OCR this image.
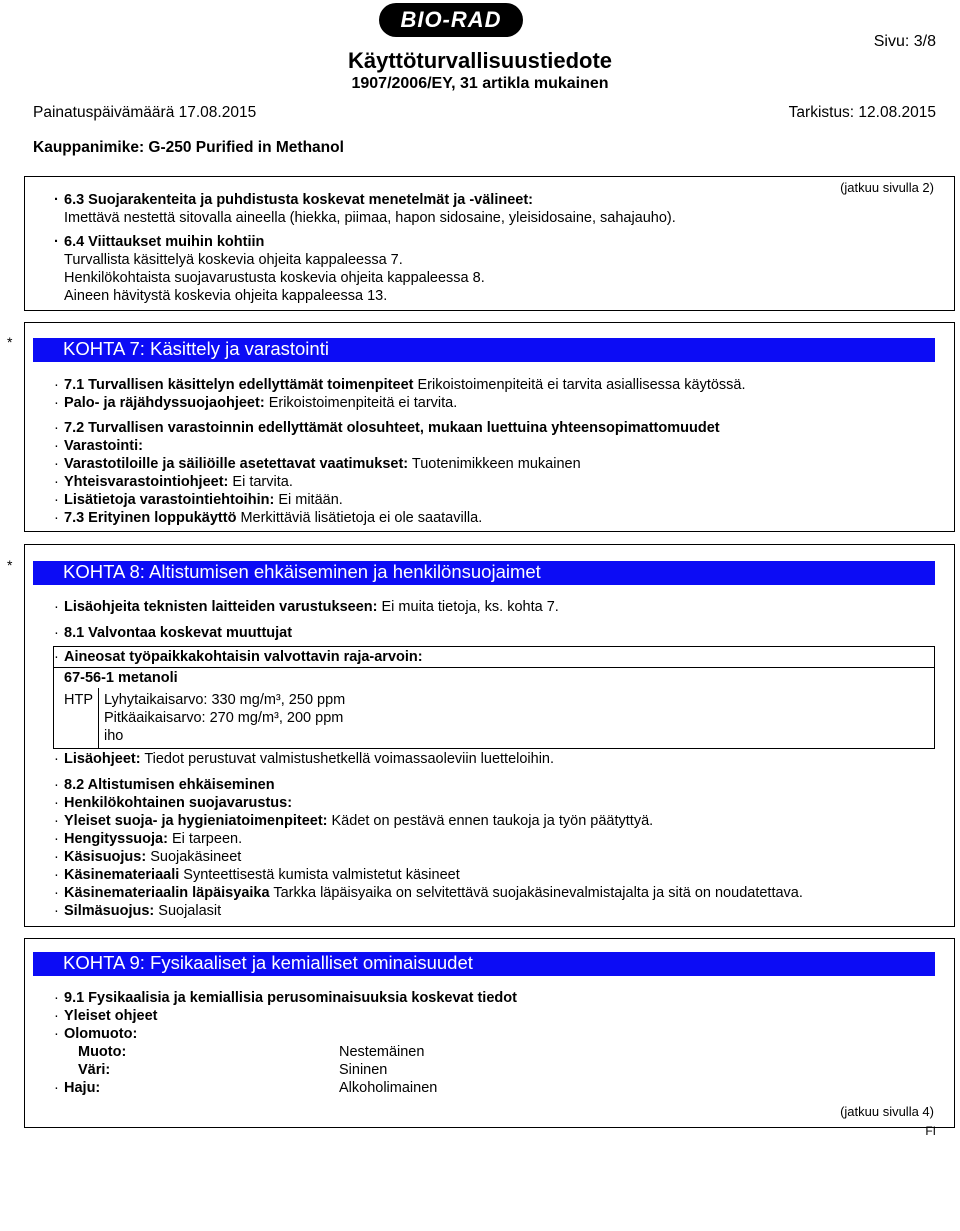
BIO-RAD
Sivu: 3/8
Käyttöturvallisuustiedote
1907/2006/EY, 31 artikla mukainen
Painatuspäivämäärä 17.08.2015	Tarkistus: 12.08.2015
Kauppanimike: G-250 Purified in Methanol
(jatkuu sivulla 2)
· 6.3 Suojarakenteita ja puhdistusta koskevat menetelmät ja -välineet:
Imettävä nestettä sitovalla aineella (hiekka, piimaa, hapon sidosaine, yleisidosaine, sahajauho).
· 6.4 Viittaukset muihin kohtiin
Turvallista käsittelyä koskevia ohjeita kappaleessa 7.
Henkilökohtaista suojavarustusta koskevia ohjeita kappaleessa 8.
Aineen hävitystä koskevia ohjeita kappaleessa 13.
*	KOHTA 7: Käsittely ja varastointi
· 7.1 Turvallisen käsittelyn edellyttämät toimenpiteet Erikoistoimenpiteitä ei tarvita asiallisessa käytössä.
· Palo- ja räjähdyssuojaohjeet: Erikoistoimenpiteitä ei tarvita.
· 7.2 Turvallisen varastoinnin edellyttämät olosuhteet, mukaan luettuina yhteensopimattomuudet
· Varastointi:
· Varastotiloille ja säiliöille asetettavat vaatimukset: Tuotenimikkeen mukainen
· Yhteisvarastointiohjeet: Ei tarvita.
· Lisätietoja varastointiehtoihin: Ei mitään.
· 7.3 Erityinen loppukäyttö Merkittäviä lisätietoja ei ole saatavilla.
*	KOHTA 8: Altistumisen ehkäiseminen ja henkilönsuojaimet
· Lisäohjeita teknisten laitteiden varustukseen: Ei muita tietoja, ks. kohta 7.
· 8.1 Valvontaa koskevat muuttujat
· Aineosat työpaikkakohtaisin valvottavin raja-arvoin:
67-56-1 metanoli
HTP Lyhytaikaisarvo: 330 mg/m³, 250 ppm
Pitkäaikaisarvo: 270 mg/m³, 200 ppm
iho
· Lisäohjeet: Tiedot perustuvat valmistushetkellä voimassaoleviin luetteloihin.
· 8.2 Altistumisen ehkäiseminen
· Henkilökohtainen suojavarustus:
· Yleiset suoja- ja hygieniatoimenpiteet: Kädet on pestävä ennen taukoja ja työn päätyttyä.
· Hengityssuoja: Ei tarpeen.
· Käsisuojus: Suojakäsineet
· Käsinemateriaali Synteettisestä kumista valmistetut käsineet
· Käsinemateriaalin läpäisyaika Tarkka läpäisyaika on selvitettävä suojakäsinevalmistajalta ja sitä on noudatettava.
· Silmäsuojus: Suojalasit
KOHTA 9: Fysikaaliset ja kemialliset ominaisuudet
· 9.1 Fysikaalisia ja kemiallisia perusominaisuuksia koskevat tiedot
· Yleiset ohjeet
· Olomuoto:
Muoto:	Nestemäinen
Väri:	Sininen
· Haju:	Alkoholimainen
(jatkuu sivulla 4)
FI
